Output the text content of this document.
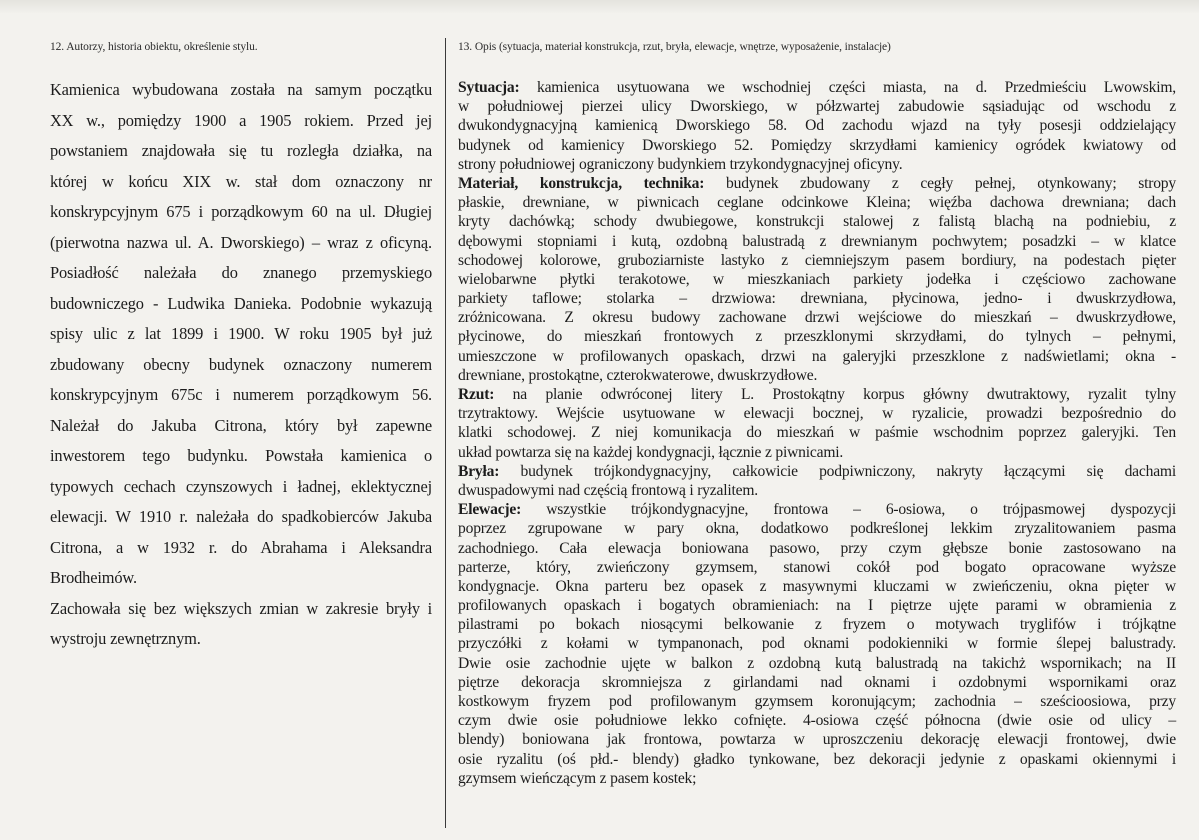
12. Autorzy, historia obiektu, określenie stylu.
Kamienica wybudowana została na samym początku
XX w., pomiędzy 1900 a 1905 rokiem. Przed jej
powstaniem znajdowała się tu rozległa działka, na
której w końcu XIX w. stał dom oznaczony nr
konskrypcyjnym 675 i porządkowym 60 na ul. Długiej
(pierwotna nazwa ul. A. Dworskiego) – wraz z oficyną.
Posiadłość należała do znanego przemyskiego
budowniczego - Ludwika Danieka. Podobnie wykazują
spisy ulic z lat 1899 i 1900. W roku 1905 był już
zbudowany obecny budynek oznaczony numerem
konskrypcyjnym 675c i numerem porządkowym 56.
Należał do Jakuba Citrona, który był zapewne
inwestorem tego budynku. Powstała kamienica o
typowych cechach czynszowych i ładnej, eklektycznej
elewacji. W 1910 r. należała do spadkobierców Jakuba
Citrona, a w 1932 r. do Abrahama i Aleksandra
Brodheimów.
Zachowała się bez większych zmian w zakresie bryły i
wystroju zewnętrznym.
13. Opis (sytuacja, materiał konstrukcja, rzut, bryła, elewacje, wnętrze, wyposażenie, instalacje)
Sytuacja: kamienica usytuowana we wschodniej części miasta, na d. Przedmieściu Lwowskim,
w południowej pierzei ulicy Dworskiego, w półzwartej zabudowie sąsiadując od wschodu z
dwukondygnacyjną kamienicą Dworskiego 58. Od zachodu wjazd na tyły posesji oddzielający
budynek od kamienicy Dworskiego 52. Pomiędzy skrzydłami kamienicy ogródek kwiatowy od
strony południowej ograniczony budynkiem trzykondygnacyjnej oficyny.
Materiał, konstrukcja, technika: budynek zbudowany z cegły pełnej, otynkowany; stropy
płaskie, drewniane, w piwnicach ceglane odcinkowe Kleina; więźba dachowa drewniana; dach
kryty dachówką; schody dwubiegowe, konstrukcji stalowej z falistą blachą na podniebiu, z
dębowymi stopniami i kutą, ozdobną balustradą z drewnianym pochwytem; posadzki – w klatce
schodowej kolorowe, gruboziarniste lastyko z ciemniejszym pasem bordiury, na podestach pięter
wielobarwne płytki terakotowe, w mieszkaniach parkiety jodełka i częściowo zachowane
parkiety taflowe; stolarka – drzwiowa: drewniana, płycinowa, jedno- i dwuskrzydłowa,
zróżnicowana. Z okresu budowy zachowane drzwi wejściowe do mieszkań – dwuskrzydłowe,
płycinowe, do mieszkań frontowych z przeszklonymi skrzydłami, do tylnych – pełnymi,
umieszczone w profilowanych opaskach, drzwi na galeryjki przeszklone z nadświetlami; okna -
drewniane, prostokątne, czterokwaterowe, dwuskrzydłowe.
Rzut: na planie odwróconej litery L. Prostokątny korpus główny dwutraktowy, ryzalit tylny
trzytraktowy. Wejście usytuowane w elewacji bocznej, w ryzalicie, prowadzi bezpośrednio do
klatki schodowej. Z niej komunikacja do mieszkań w paśmie wschodnim poprzez galeryjki. Ten
układ powtarza się na każdej kondygnacji, łącznie z piwnicami.
Bryła: budynek trójkondygnacyjny, całkowicie podpiwniczony, nakryty łączącymi się dachami
dwuspadowymi nad częścią frontową i ryzalitem.
Elewacje: wszystkie trójkondygnacyjne, frontowa – 6-osiowa, o trójpasmowej dyspozycji
poprzez zgrupowane w pary okna, dodatkowo podkreślonej lekkim zryzalitowaniem pasma
zachodniego. Cała elewacja boniowana pasowo, przy czym głębsze bonie zastosowano na
parterze, który, zwieńczony gzymsem, stanowi cokół pod bogato opracowane wyższe
kondygnacje. Okna parteru bez opasek z masywnymi kluczami w zwieńczeniu, okna pięter w
profilowanych opaskach i bogatych obramieniach: na I piętrze ujęte parami w obramienia z
pilastrami po bokach niosącymi belkowanie z fryzem o motywach tryglifów i trójkątne
przyczółki z kołami w tympanonach, pod oknami podokienniki w formie ślepej balustrady.
Dwie osie zachodnie ujęte w balkon z ozdobną kutą balustradą na takichż wspornikach; na II
piętrze dekoracja skromniejsza z girlandami nad oknami i ozdobnymi wspornikami oraz
kostkowym fryzem pod profilowanym gzymsem koronującym; zachodnia – sześcioosiowa, przy
czym dwie osie południowe lekko cofnięte. 4-osiowa część północna (dwie osie od ulicy –
blendy) boniowana jak frontowa, powtarza w uproszczeniu dekorację elewacji frontowej, dwie
osie ryzalitu (oś płd.- blendy) gładko tynkowane, bez dekoracji jedynie z opaskami okiennymi i
gzymsem wieńczącym z pasem kostek;
